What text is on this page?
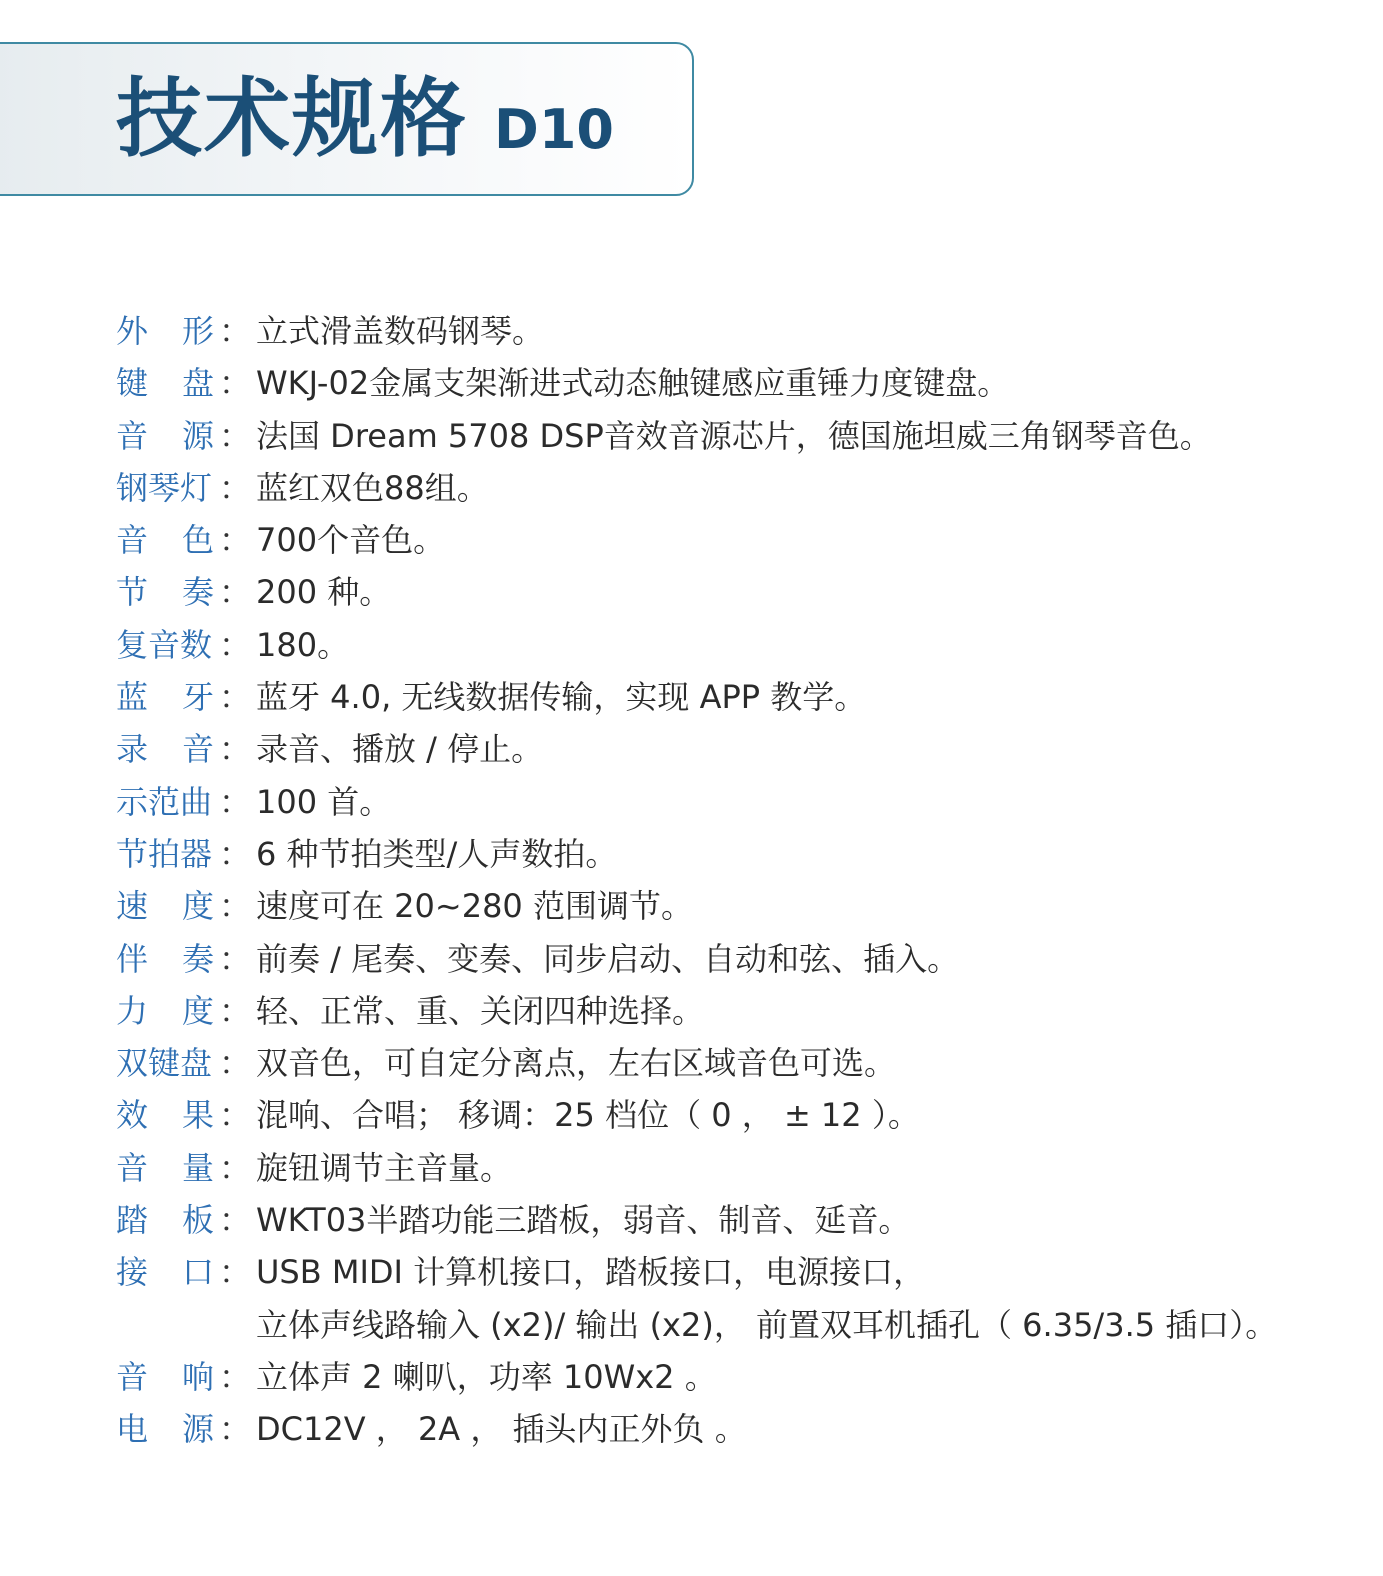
技术规格 D10
外 形 ： 立式滑盖数码钢琴。
键 盘 ： WKJ-02金属支架渐进式动态触键感应重锤力度键盘。
音 源 ： 法国 Dream 5708 DSP音效音源芯片，德国施坦威三角钢琴音色。
钢琴灯 ： 蓝红双色88组。
音 色 ： 700个音色。
节 奏 ： 200 种。
复音数 ： 180。
蓝 牙 ： 蓝牙 4.0, 无线数据传输，实现 APP 教学。
录 音 ： 录音、播放 / 停止。
示范曲 ： 100 首。
节拍器 ： 6 种节拍类型/人声数拍。
速 度 ： 速度可在 20~280 范围调节。
伴 奏 ： 前奏 / 尾奏、变奏、同步启动、自动和弦、插入。
力 度 ： 轻、正常、重、关闭四种选择。
双键盘 ： 双音色，可自定分离点，左右区域音色可选。
效 果 ： 混响、合唱； 移调：25 档位（ 0 ， ± 12 ）。
音 量 ： 旋钮调节主音量。
踏 板 ： WKT03半踏功能三踏板，弱音、制音、延音。
接 口 ： USB MIDI 计算机接口，踏板接口，电源接口，
立体声线路输入 (x2)/ 输出 (x2)， 前置双耳机插孔（ 6.35/3.5 插口）。
音 响 ： 立体声 2 喇叭，功率 10Wx2 。
电 源 ： DC12V ， 2A ， 插头内正外负 。
